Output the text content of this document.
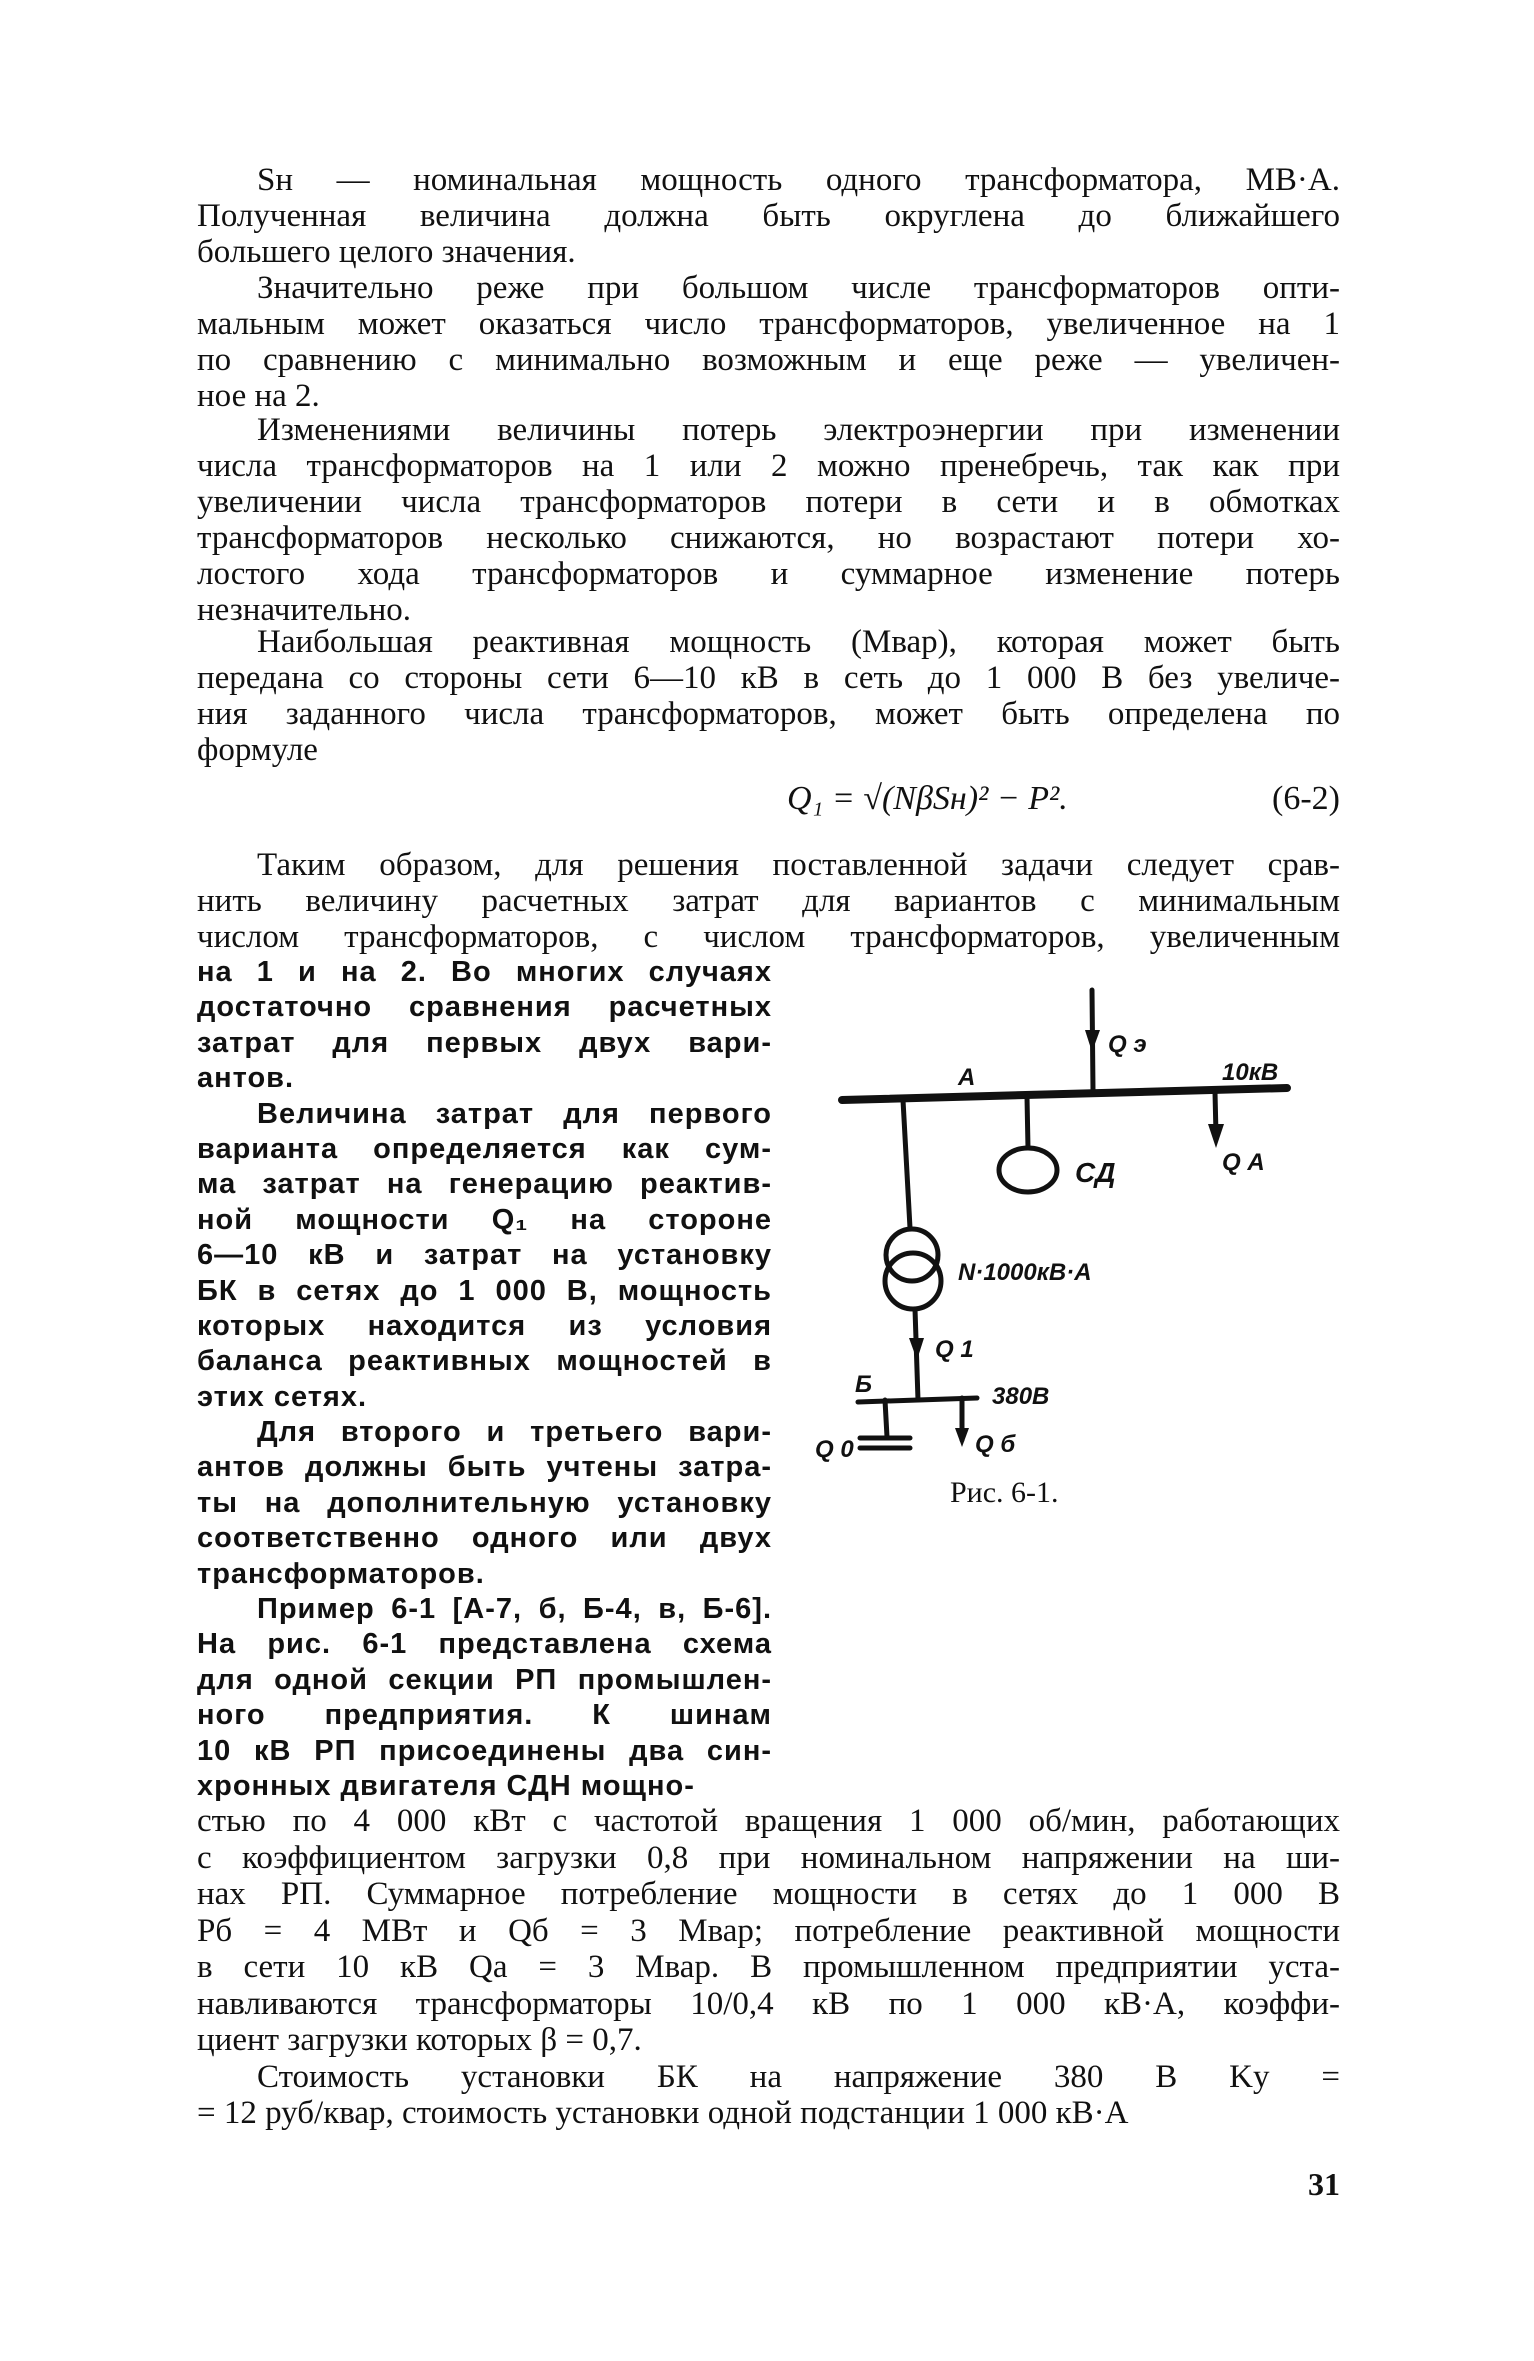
Sн — номинальная мощность одного трансформатора, МВ·А.
Полученная величина должна быть округлена до ближайшего
большего целого значения.
Значительно реже при большом числе трансформаторов опти-
мальным может оказаться число трансформаторов, увеличенное на 1
по сравнению с минимально возможным и еще реже — увеличен-
ное на 2.
Изменениями величины потерь электроэнергии при изменении
числа трансформаторов на 1 или 2 можно пренебречь, так как при
увеличении числа трансформаторов потери в сети и в обмотках
трансформаторов несколько снижаются, но возрастают потери хо-
лостого хода трансформаторов и суммарное изменение потерь
незначительно.
Наибольшая реактивная мощность (Мвар), которая может быть
передана со стороны сети 6—10 кВ в сеть до 1 000 В без увеличе-
ния заданного числа трансформаторов, может быть определена по
формуле
Q₁ = √(NβSн)² − P².	(6-2)
Таким образом, для решения поставленной задачи следует срав-
нить величину расчетных затрат для вариантов с минимальным
числом трансформаторов, с числом трансформаторов, увеличенным
на 1 и на 2. Во многих случаях
достаточно сравнения расчетных
затрат для первых двух вари-
антов.
Величина затрат для первого
варианта определяется как сум-
ма затрат на генерацию реактив-
ной мощности Q₁ на стороне
6—10 кВ и затрат на установку
БК в сетях до 1 000 В, мощность
которых находится из условия
баланса реактивных мощностей в
этих сетях.
Для второго и третьего вари-
антов должны быть учтены затра-
ты на дополнительную установку
соответственно одного или двух
трансформаторов.
Пример 6-1 [А-7, б, Б-4, в, Б-6].
На рис. 6-1 представлена схема
для одной секции РП промышлен-
ного предприятия. К шинам
10 кВ РП присоединены два син-
хронных двигателя СДН мощно-
стью по 4 000 кВт с частотой вращения 1 000 об/мин, работающих
с коэффициентом загрузки 0,8 при номинальном напряжении на ши-
нах РП. Суммарное потребление мощности в сетях до 1 000 В
Pб = 4 МВт и Qб = 3 Мвар; потребление реактивной мощности
в сети 10 кВ Qа = 3 Мвар. В промышленном предприятии уста-
навливаются трансформаторы 10/0,4 кВ по 1 000 кВ·А, коэффи-
циент загрузки которых β = 0,7.
Стоимость установки БК на напряжение 380 В Kу =
= 12 руб/квар, стоимость установки одной подстанции 1 000 кВ·А
Q э
А	10кВ
Q А
СД
N·1000кВ·А
Q 1
Б	380В
Q 0	Q б
Рис. 6-1.
31
